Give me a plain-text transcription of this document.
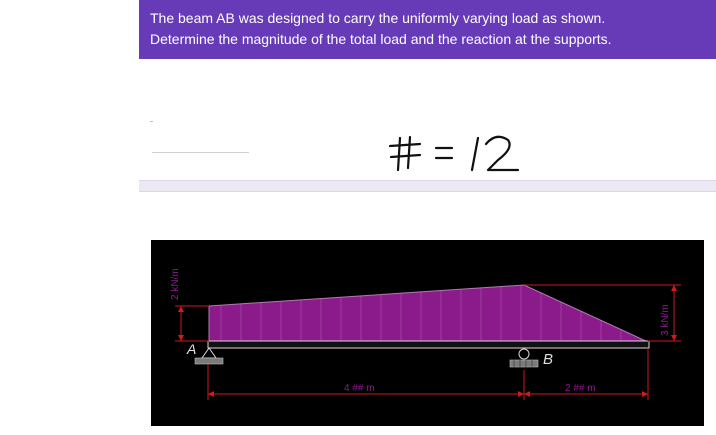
The beam AB was designed to carry the uniformly varying load as shown.
Determine the magnitude of the total load and the reaction at the supports.
# = 12
A
B
2 kN/m
3 kN/m
4 ## m	2 ## m
